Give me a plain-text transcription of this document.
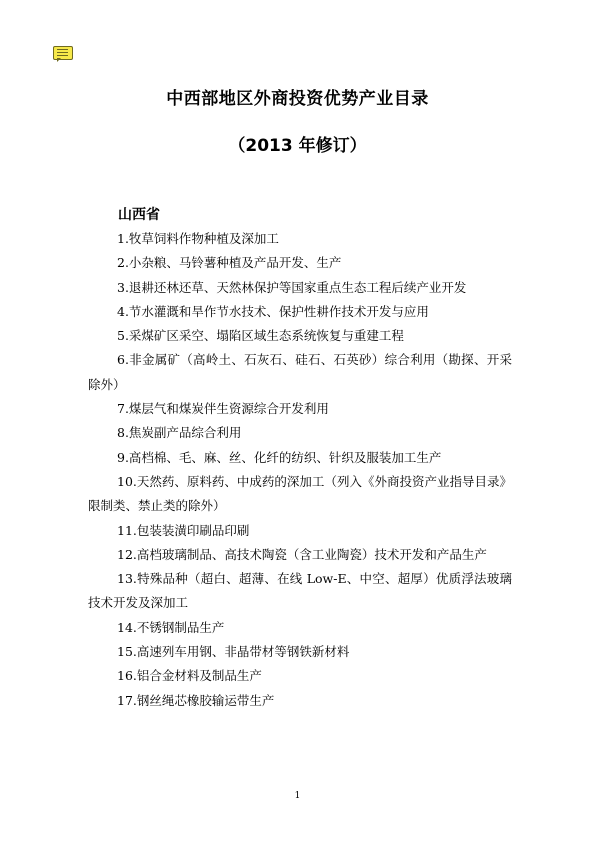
中西部地区外商投资优势产业目录
（2013 年修订）
山西省
1.牧草饲料作物种植及深加工
2.小杂粮、马铃薯种植及产品开发、生产
3.退耕还林还草、天然林保护等国家重点生态工程后续产业开发
4.节水灌溉和旱作节水技术、保护性耕作技术开发与应用
5.采煤矿区采空、塌陷区域生态系统恢复与重建工程
6.非金属矿（高岭土、石灰石、硅石、石英砂）综合利用（勘探、开采除外）
7.煤层气和煤炭伴生资源综合开发利用
8.焦炭副产品综合利用
9.高档棉、毛、麻、丝、化纤的纺织、针织及服装加工生产
10.天然药、原料药、中成药的深加工（列入《外商投资产业指导目录》限制类、禁止类的除外）
11.包装装潢印刷品印刷
12.高档玻璃制品、高技术陶瓷（含工业陶瓷）技术开发和产品生产
13.特殊品种（超白、超薄、在线 Low-E、中空、超厚）优质浮法玻璃技术开发及深加工
14.不锈钢制品生产
15.高速列车用钢、非晶带材等钢铁新材料
16.铝合金材料及制品生产
17.钢丝绳芯橡胶输运带生产
1
